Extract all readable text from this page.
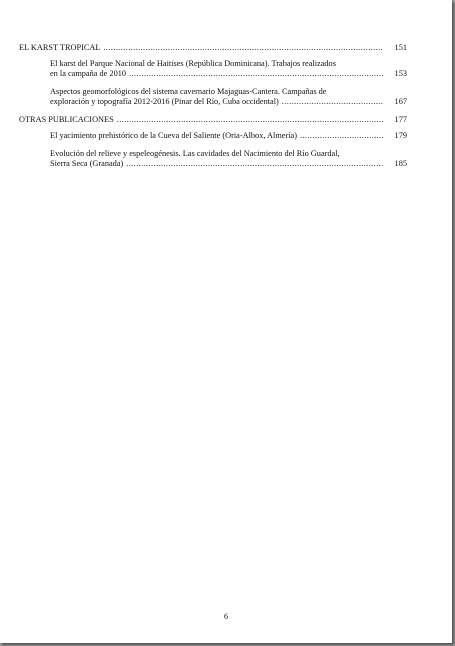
EL KARST TROPICAL .....	151
El karst del Parque Nacional de Haitises (República Dominicana). Trabajos realizados
en la campaña de 2010 .....	153
Aspectos geomorfológicos del sistema cavernario Majaguas-Cantera. Campañas de
exploración y topografía 2012-2016 (Pinar del Río, Cuba occidental) .....	167
OTRAS PUBLICACIONES .....	177
El yacimiento prehistórico de la Cueva del Saliente (Oria-Albox, Almería) .....	179
Evolución del relieve y espeleogénesis. Las cavidades del Nacimiento del Río Guardal,
Sierra Seca (Granada) .....	185
6
